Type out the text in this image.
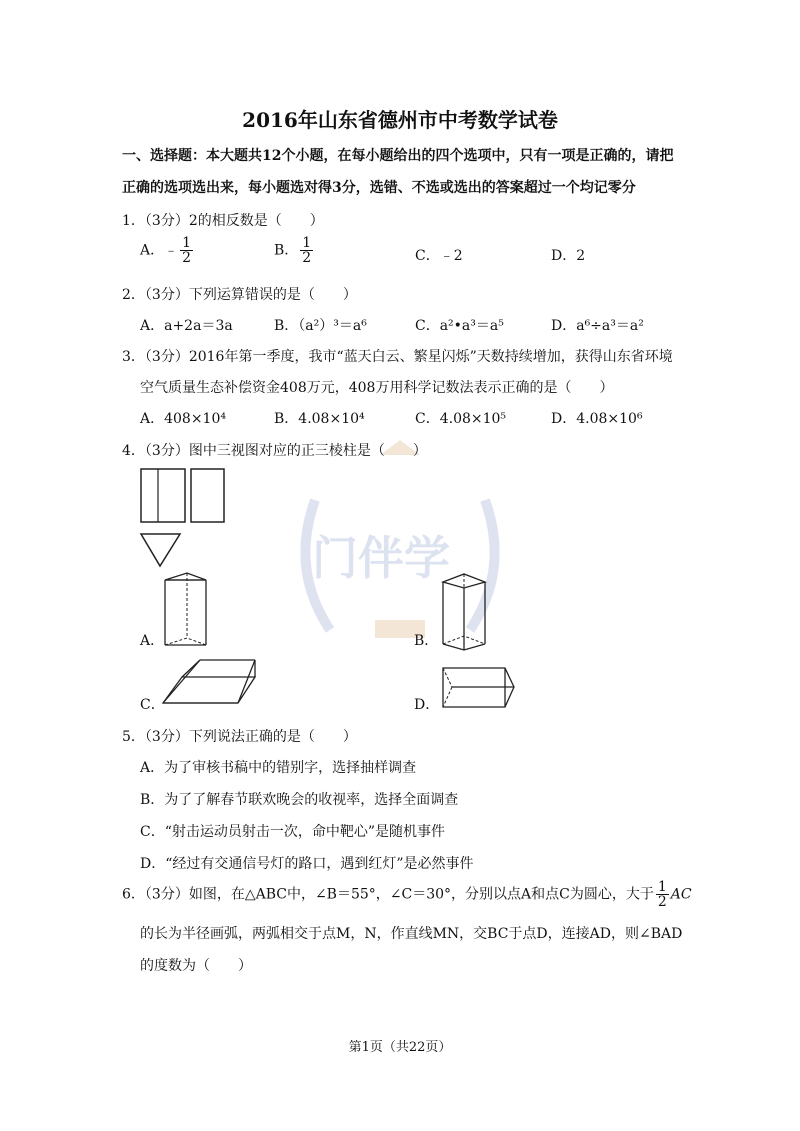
门伴学
2016年山东省德州市中考数学试卷
一、选择题：本大题共12个小题，在每小题给出的四个选项中，只有一项是正确的，请把
正确的选项选出来，每小题选对得3分，选错、不选或选出的答案超过一个均记零分
1．（3分）2的相反数是（　　）
A．﹣ $\frac{1}{2}$	B． $\frac{1}{2}$	C．﹣2	D．2
2．（3分）下列运算错误的是（　　）
A．a+2a＝3a	B．（a²）³＝a⁶	C．a²•a³＝a⁵	D．a⁶÷a³＝a²
3．（3分）2016年第一季度，我市“蓝天白云、繁星闪烁”天数持续增加，获得山东省环境
空气质量生态补偿资金408万元，408万用科学记数法表示正确的是（　　）
A．408×10⁴	B．4.08×10⁴	C．4.08×10⁵	D．4.08×10⁶
4．（3分）图中三视图对应的正三棱柱是（　　）
A．	B．
C．	D．
5．（3分）下列说法正确的是（　　）
A．为了审核书稿中的错别字，选择抽样调查
B．为了了解春节联欢晚会的收视率，选择全面调查
C．“射击运动员射击一次，命中靶心”是随机事件
D．“经过有交通信号灯的路口，遇到红灯”是必然事件
6．（3分）如图，在△ABC中，∠B＝55°，∠C＝30°，分别以点A和点C为圆心，大于 $\frac{1}{2}$ AC
的长为半径画弧，两弧相交于点M，N，作直线MN，交BC于点D，连接AD，则∠BAD
的度数为（　　）
第1页（共22页）
